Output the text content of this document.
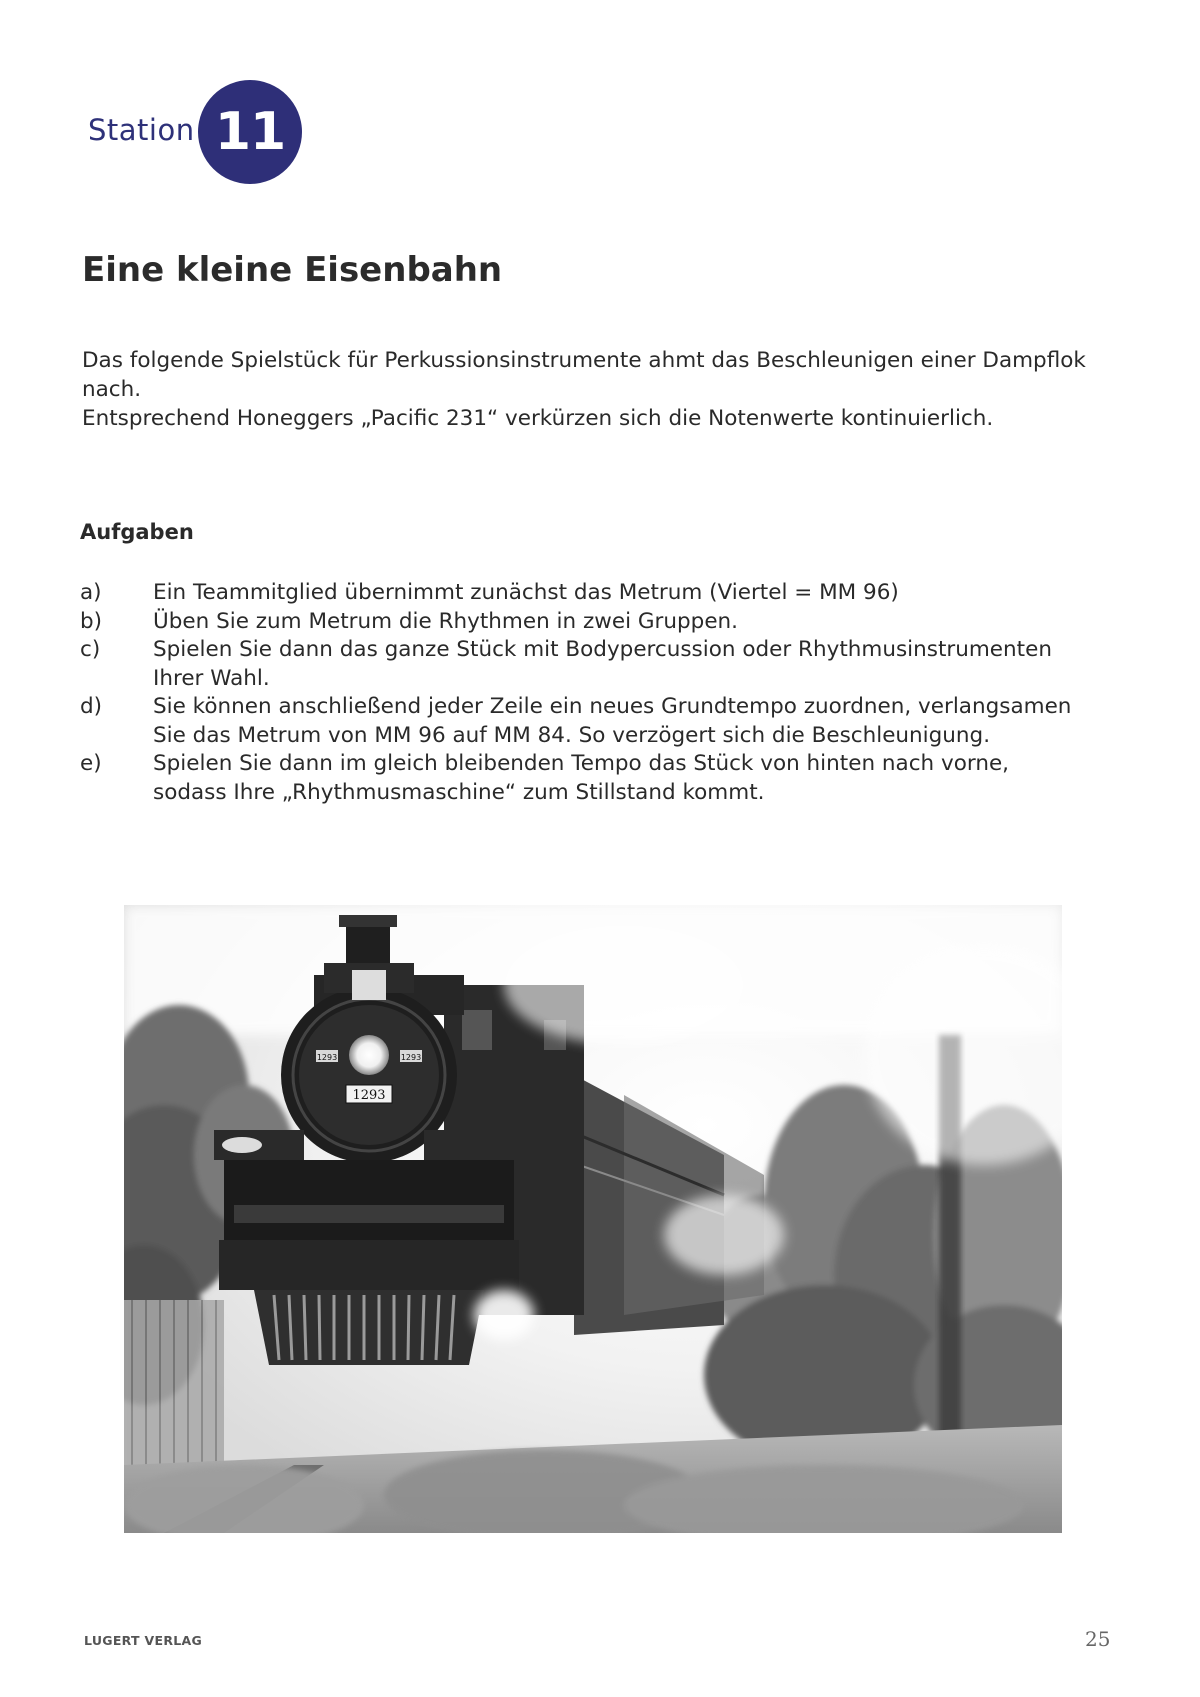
Station 11
Eine kleine Eisenbahn

Das folgende Spielstück für Perkussionsinstrumente ahmt das Beschleunigen einer Dampflok nach.
Entsprechend Honeggers „Pacific 231“ verkürzen sich die Notenwerte kontinuierlich.

Aufgaben
a)	Ein Teammitglied übernimmt zunächst das Metrum (Viertel = MM 96)
b)	Üben Sie zum Metrum die Rhythmen in zwei Gruppen.
c)	Spielen Sie dann das ganze Stück mit Bodypercussion oder Rhythmusinstrumenten Ihrer Wahl.
d)	Sie können anschließend jeder Zeile ein neues Grundtempo zuordnen, verlangsamen Sie das Metrum von MM 96 auf MM 84. So verzögert sich die Beschleunigung.
e)	Spielen Sie dann im gleich bleibenden Tempo das Stück von hinten nach vorne, sodass Ihre „Rhythmusmaschine“ zum Stillstand kommt.
1293
1293	1293
LUGERT VERLAG	25
